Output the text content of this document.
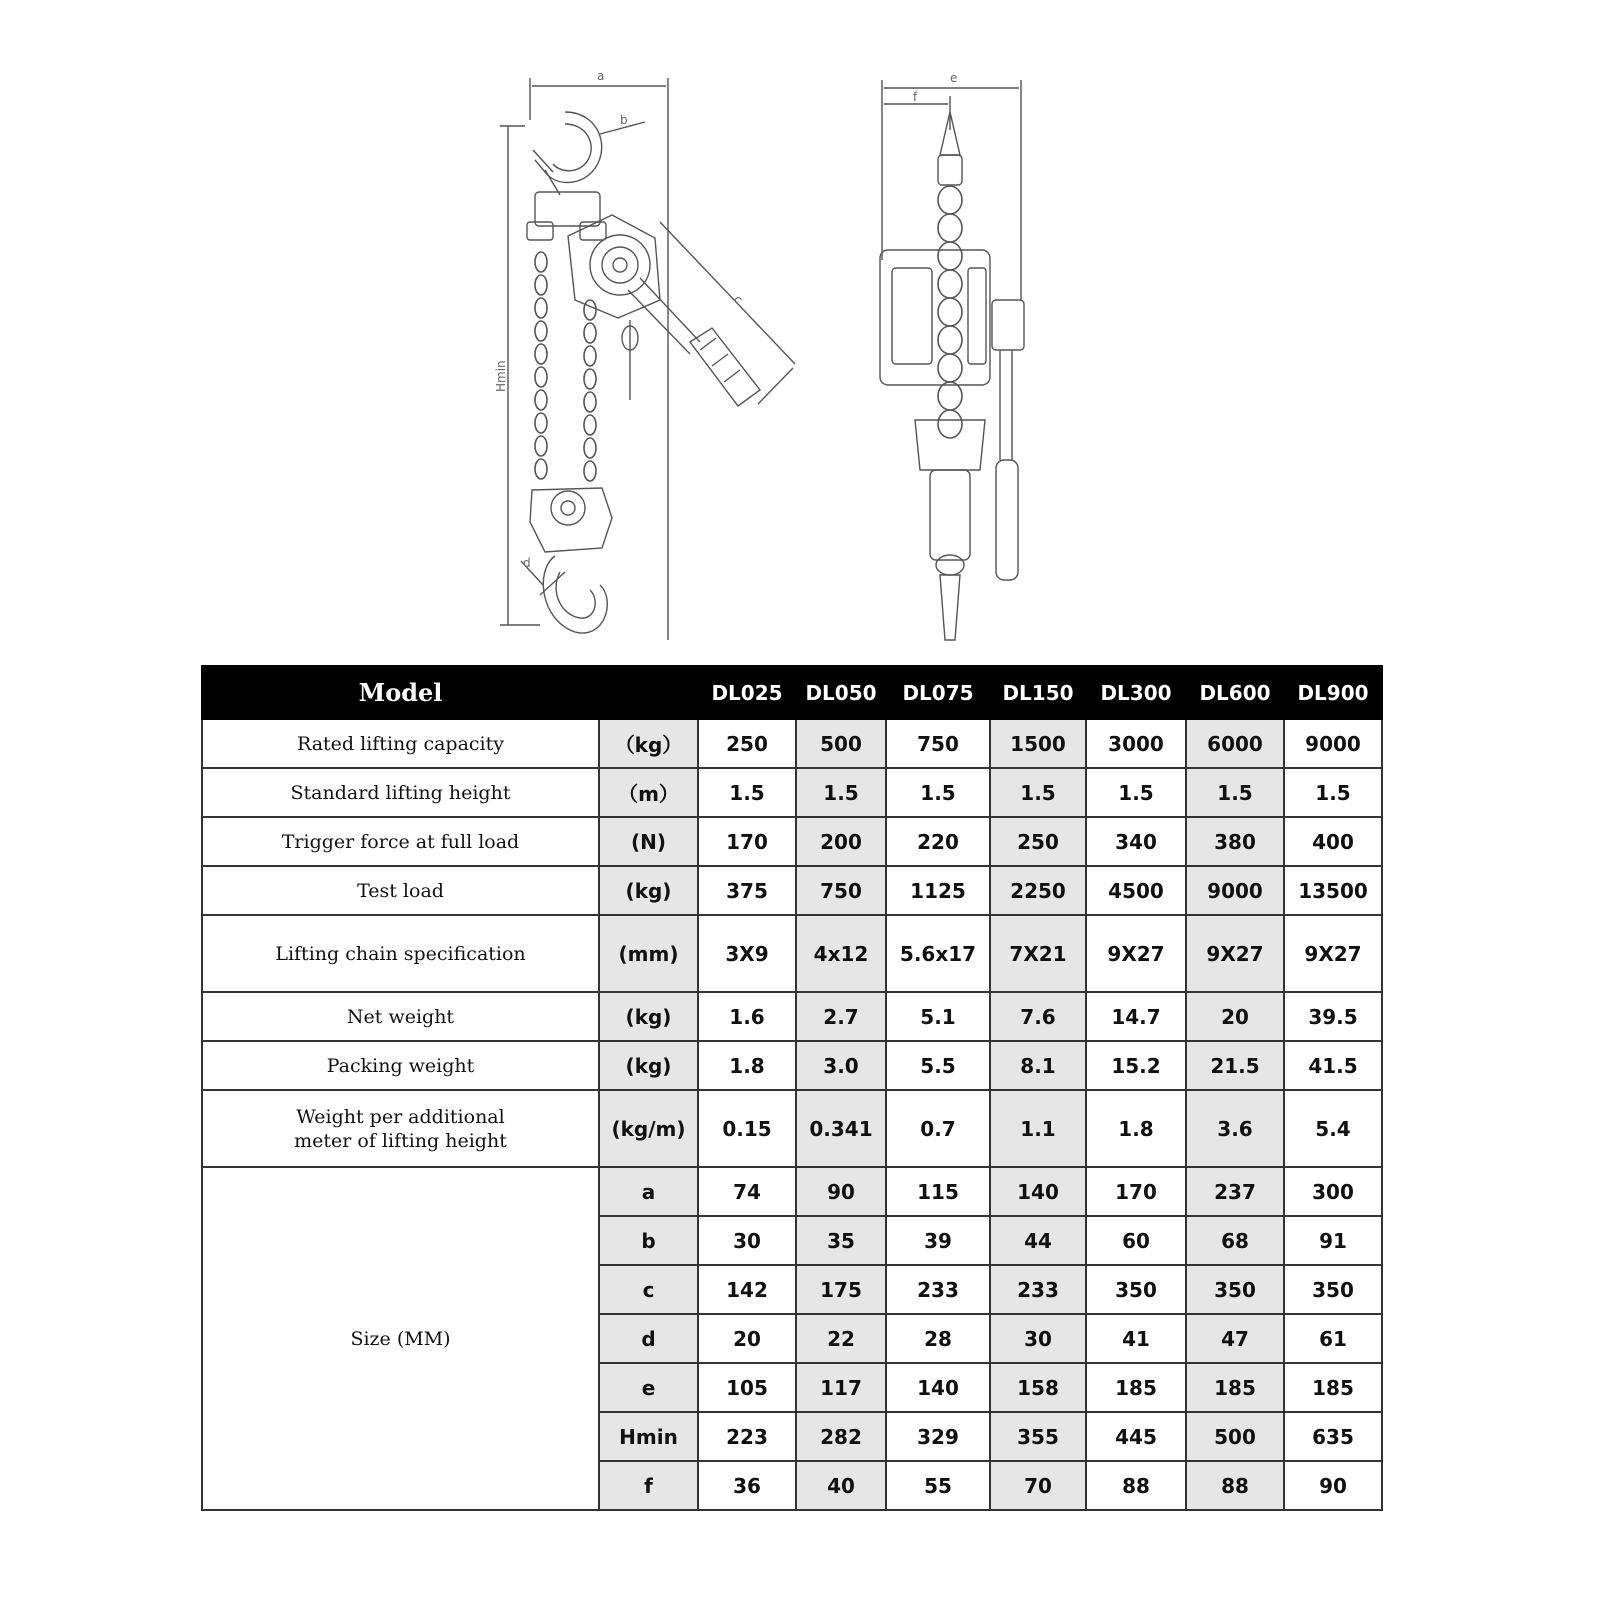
a
b
c
Hmin
d
e
f
Model		DL025	DL050	DL075	DL150	DL300	DL600	DL900
Rated lifting capacity	（kg）	250	500	750	1500	3000	6000	9000
Standard lifting height	（m）	1.5	1.5	1.5	1.5	1.5	1.5	1.5
Trigger force at full load	(N)	170	200	220	250	340	380	400
Test load	(kg)	375	750	1125	2250	4500	9000	13500
Lifting chain specification	(mm)	3X9	4x12	5.6x17	7X21	9X27	9X27	9X27
Net weight	(kg)	1.6	2.7	5.1	7.6	14.7	20	39.5
Packing weight	(kg)	1.8	3.0	5.5	8.1	15.2	21.5	41.5
Weight per additional
meter of lifting height	(kg/m)	0.15	0.341	0.7	1.1	1.8	3.6	5.4
Size (MM)	a	74	90	115	140	170	237	300
	b	30	35	39	44	60	68	91
	c	142	175	233	233	350	350	350
	d	20	22	28	30	41	47	61
	e	105	117	140	158	185	185	185
	Hmin	223	282	329	355	445	500	635
	f	36	40	55	70	88	88	90
